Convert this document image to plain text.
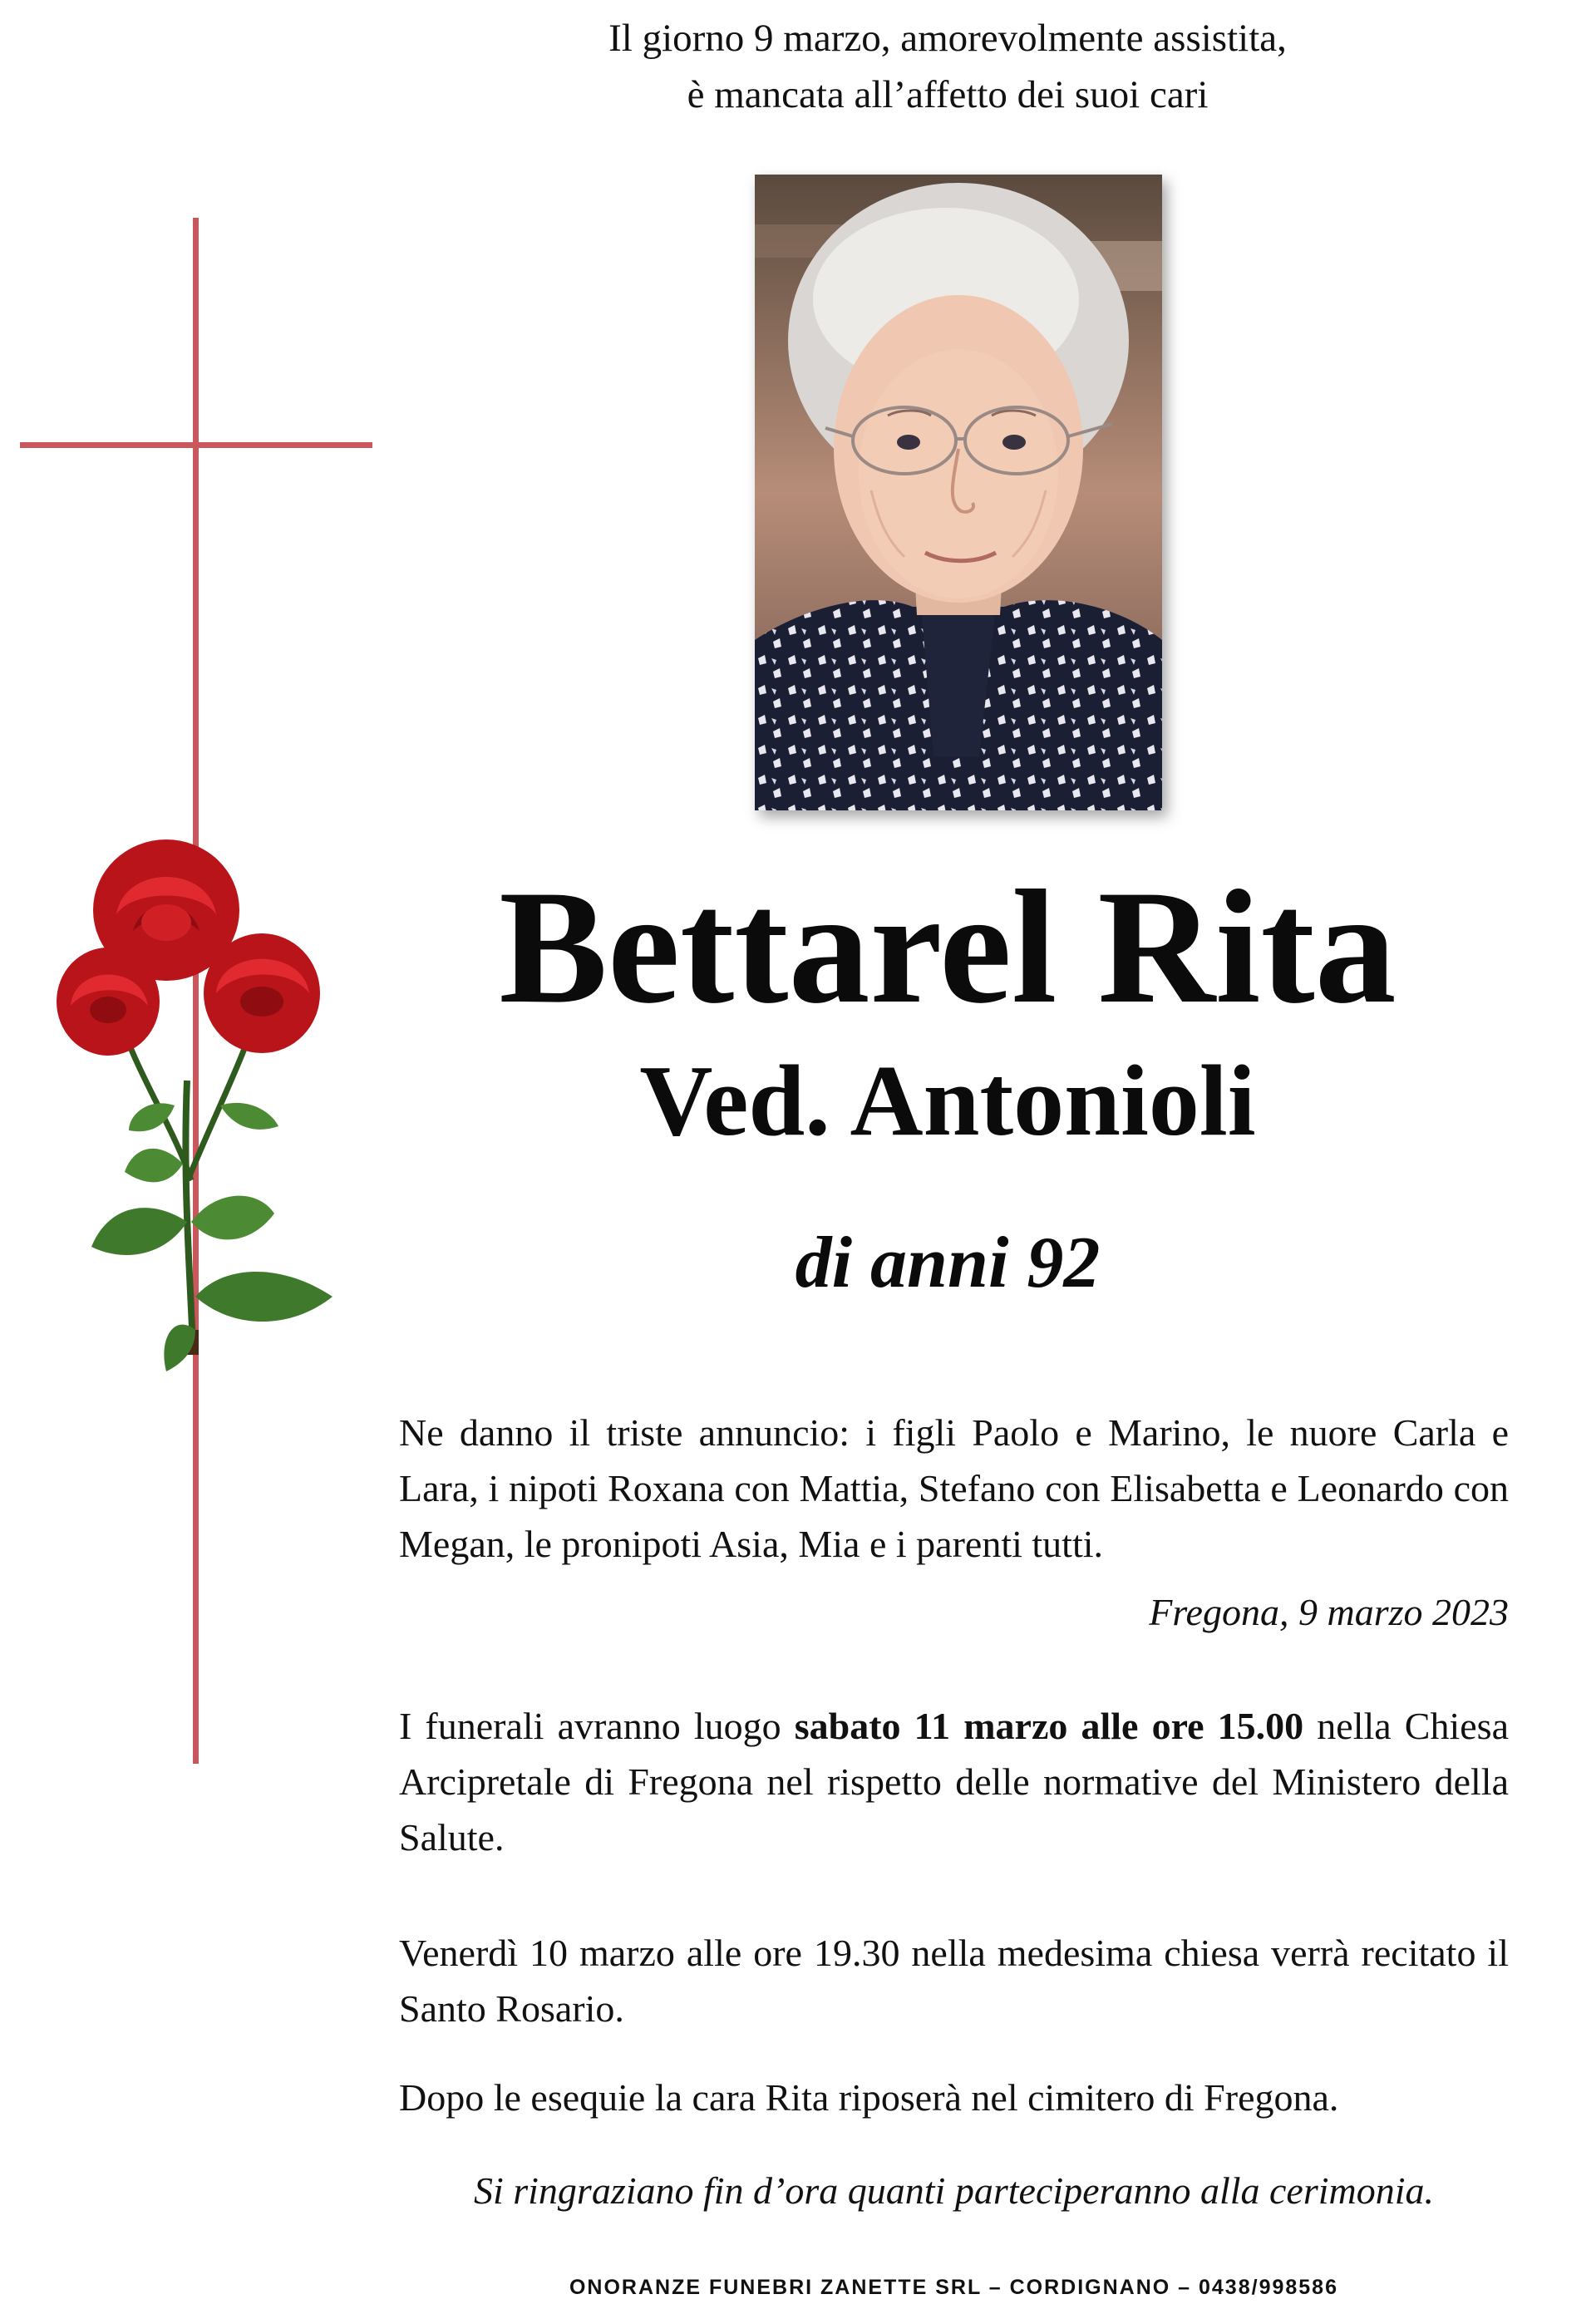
Il giorno 9 marzo, amorevolmente assistita,
è mancata all’affetto dei suoi cari
Bettarel Rita
Ved. Antonioli
di anni 92
Ne danno il triste annuncio: i figli Paolo e Marino, le nuore Carla e Lara, i nipoti Roxana con Mattia, Stefano con Elisabetta e Leonardo con Megan, le pronipoti Asia, Mia e i parenti tutti.
Fregona, 9 marzo 2023
I funerali avranno luogo sabato 11 marzo alle ore 15.00 nella Chiesa Arcipretale di Fregona nel rispetto delle normative del Ministero della Salute.
Venerdì 10 marzo alle ore 19.30 nella medesima chiesa verrà recitato il Santo Rosario.
Dopo le esequie la cara Rita riposerà nel cimitero di Fregona.
Si ringraziano fin d’ora quanti parteciperanno alla cerimonia.
ONORANZE FUNEBRI ZANETTE SRL – CORDIGNANO – 0438/998586
